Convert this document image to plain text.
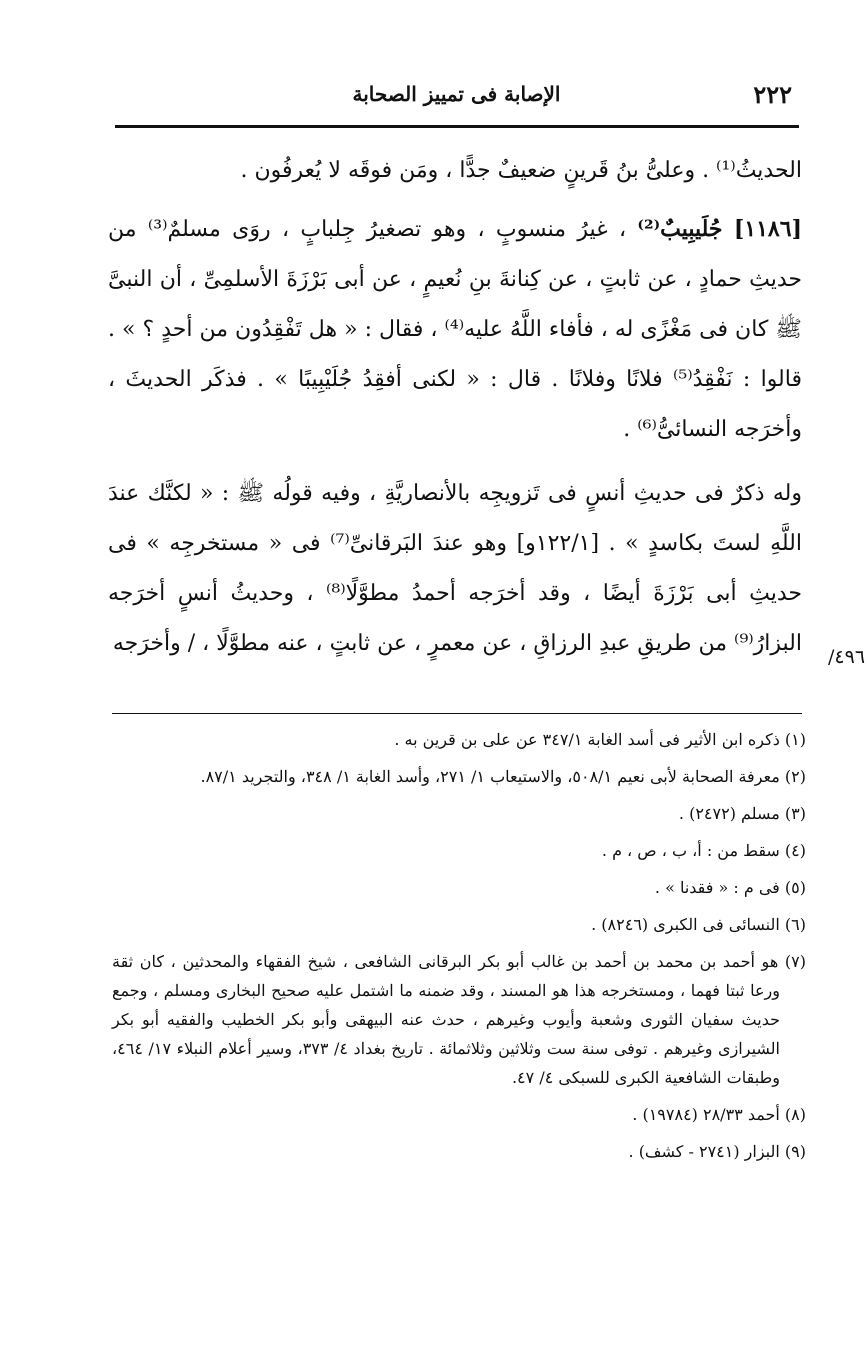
٢٢٢
الإصابة فى تمييز الصحابة

الحديثُ⁽¹⁾ . وعلىُّ بنُ قَرينٍ ضعيفٌ جدًّا ، ومَن فوقَه لا يُعرفُون .

[١١٨٦] جُلَيبِيبٌ⁽²⁾ ، غيرُ منسوبٍ ، وهو تصغيرُ جِلبابٍ ، روَى مسلمٌ⁽³⁾ من حديثِ حمادٍ ، عن ثابتٍ ، عن كِنانةَ بنِ نُعيمٍ ، عن أبى بَرْزَةَ الأسلمِىِّ ، أن النبىَّ ﷺ كان فى مَغْزًى له ، فأفاء اللَّهُ عليه⁽⁴⁾ ، فقال : « هل تَفْقِدُون من أحدٍ ؟ » . قالوا : نَفْقِدُ⁽⁵⁾ فلانًا وفلانًا . قال : « لكنى أفقِدُ جُلَيْبِيبًا » . فذكَر الحديثَ ، وأخرَجه النسائىُّ⁽⁶⁾ .

وله ذكرٌ فى حديثِ أنسٍ فى تَزويجِه بالأنصاريَّةِ ، وفيه قولُه ﷺ : « لكنَّك عندَ اللَّهِ لستَ بكاسدٍ » . [١٢٢/١و] وهو عندَ البَرقانىِّ⁽⁷⁾ فى « مستخرجِه » فى حديثِ أبى بَرْزَةَ أيضًا ، وقد أخرَجه أحمدُ مطوَّلًا⁽⁸⁾ ، وحديثُ أنسٍ أخرَجه البزارُ⁽⁹⁾ من طريقِ عبدِ الرزاقِ ، عن معمرٍ ، عن ثابتٍ ، عنه مطوَّلًا ، / وأخرَجه

٤٩٦/

(١) ذكره ابن الأثير فى أسد الغابة ٣٤٧/١ عن على بن قرين به .

(٢) معرفة الصحابة لأبى نعيم ٥٠٨/١، والاستيعاب ١/ ٢٧١، وأسد الغابة ١/ ٣٤٨، والتجريد ٨٧/١.

(٣) مسلم (٢٤٧٢) .

(٤) سقط من : أ، ب ، ص ، م .

(٥) فى م : « فقدنا » .

(٦) النسائى فى الكبرى (٨٢٤٦) .

(٧) هو أحمد بن محمد بن أحمد بن غالب أبو بكر البرقانى الشافعى ، شيخ الفقهاء والمحدثين ، كان ثقة ورعا ثبتا فهما ، ومستخرجه هذا هو المسند ، وقد ضمنه ما اشتمل عليه صحيح البخارى ومسلم ، وجمع حديث سفيان الثورى وشعبة وأيوب وغيرهم ، حدث عنه البيهقى وأبو بكر الخطيب والفقيه أبو بكر الشيرازى وغيرهم . توفى سنة ست وثلاثين وثلاثمائة . تاريخ بغداد ٤/ ٣٧٣، وسير أعلام النبلاء ١٧/ ٤٦٤، وطبقات الشافعية الكبرى للسبكى ٤/ ٤٧.

(٨) أحمد ٢٨/٣٣ (١٩٧٨٤) .

(٩) البزار (٢٧٤١ - كشف) .
